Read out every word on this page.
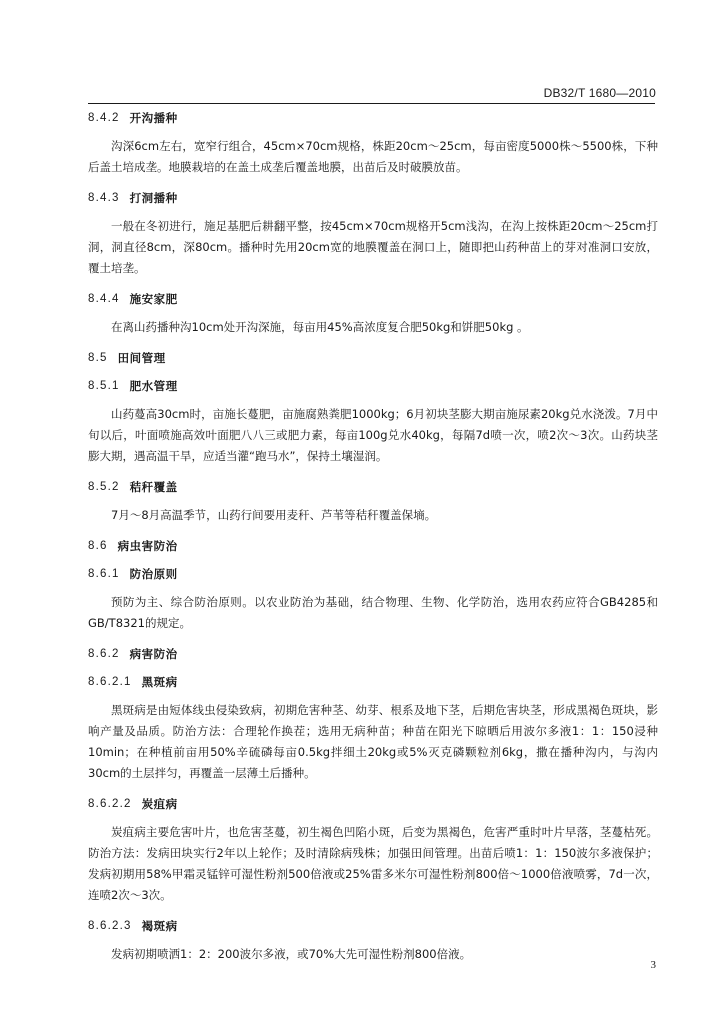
DB32/T 1680—2010
8.4.2 开沟播种

沟深6cm左右，宽窄行组合，45cm×70cm规格，株距20cm～25cm，每亩密度5000株～5500株，下种后盖土培成垄。地膜栽培的在盖土成垄后覆盖地膜，出苗后及时破膜放苗。

8.4.3 打洞播种

一般在冬初进行，施足基肥后耕翻平整，按45cm×70cm规格开5cm浅沟，在沟上按株距20cm～25cm打洞，洞直径8cm，深80cm。播种时先用20cm宽的地膜覆盖在洞口上，随即把山药种苗上的芽对准洞口安放，覆土培垄。

8.4.4 施安家肥

在离山药播种沟10cm处开沟深施，每亩用45%高浓度复合肥50kg和饼肥50kg 。

8.5 田间管理
8.5.1 肥水管理

山药蔓高30cm时，亩施长蔓肥，亩施腐熟粪肥1000kg；6月初块茎膨大期亩施尿素20kg兑水浇泼。7月中旬以后，叶面喷施高效叶面肥八八三或肥力素，每亩100g兑水40kg，每隔7d喷一次，喷2次～3次。山药块茎膨大期，遇高温干旱，应适当灌“跑马水”，保持土壤湿润。

8.5.2 秸秆覆盖

7月～8月高温季节，山药行间要用麦秆、芦苇等秸秆覆盖保墒。

8.6 病虫害防治
8.6.1 防治原则

预防为主、综合防治原则。以农业防治为基础，结合物理、生物、化学防治，选用农药应符合GB4285和GB/T8321的规定。

8.6.2 病害防治
8.6.2.1 黑斑病

黑斑病是由短体线虫侵染致病，初期危害种茎、幼芽、根系及地下茎，后期危害块茎，形成黑褐色斑块，影响产量及品质。防治方法：合理轮作换茬；选用无病种苗；种苗在阳光下晾晒后用波尔多液1：1：150浸种10min；在种植前亩用50%辛硫磷每亩0.5kg拌细土20kg或5%灭克磷颗粒剂6kg，撒在播种沟内，与沟内30cm的土层拌匀，再覆盖一层薄土后播种。

8.6.2.2 炭疽病

炭疽病主要危害叶片，也危害茎蔓，初生褐色凹陷小斑，后变为黑褐色，危害严重时叶片早落，茎蔓枯死。防治方法：发病田块实行2年以上轮作；及时清除病残株；加强田间管理。出苗后喷1：1：150波尔多液保护；发病初期用58%甲霜灵锰锌可湿性粉剂500倍液或25%雷多米尔可湿性粉剂800倍～1000倍液喷雾，7d一次，连喷2次～3次。

8.6.2.3 褐斑病

发病初期喷洒1：2：200波尔多液，或70%大先可湿性粉剂800倍液。

3
